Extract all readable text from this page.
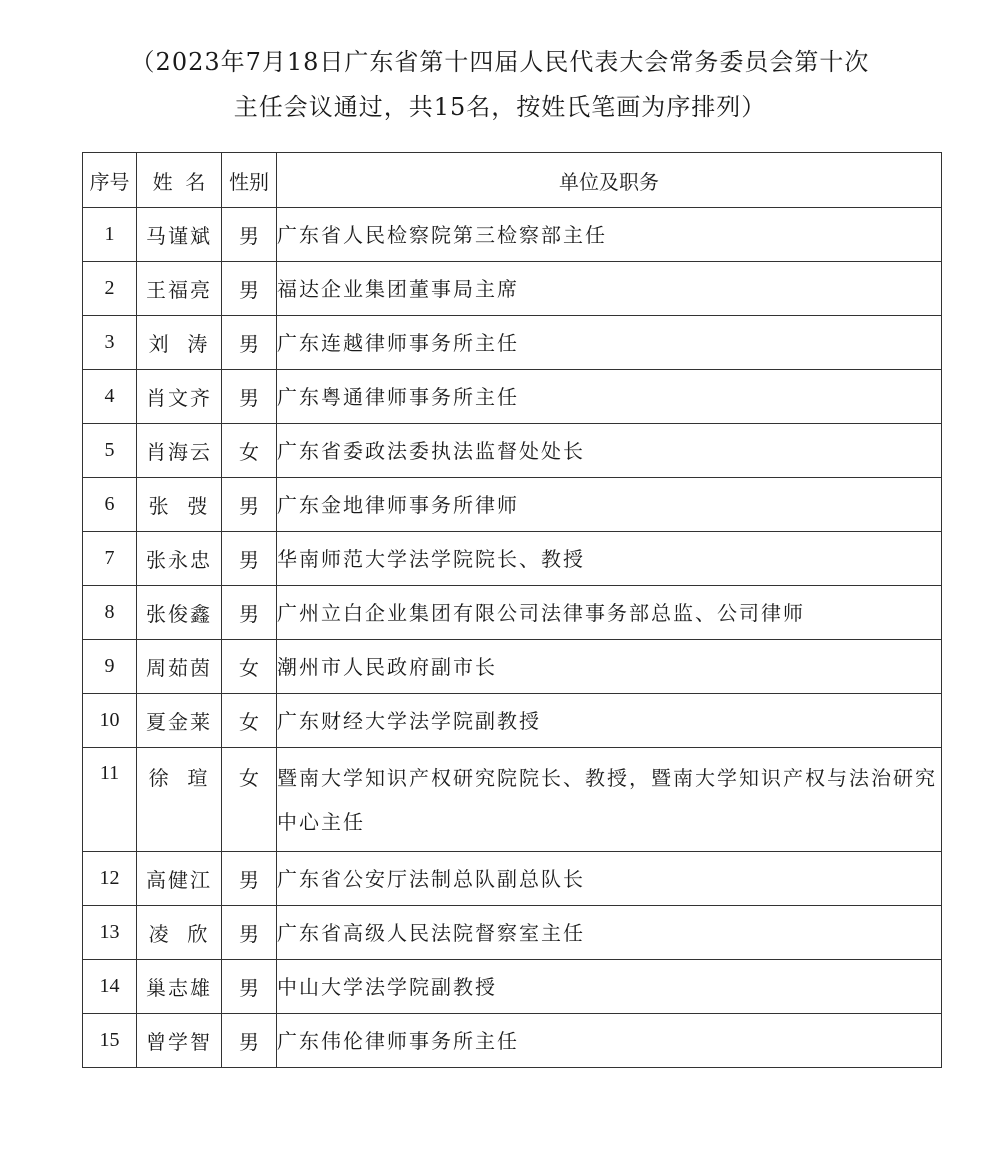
（2023年7月18日广东省第十四届人民代表大会常务委员会第十次
主任会议通过，共15名，按姓氏笔画为序排列）
序号	姓  名	性别	单位及职务
1	马谨斌	男	广东省人民检察院第三检察部主任
2	王福亮	男	福达企业集团董事局主席
3	刘  涛	男	广东连越律师事务所主任
4	肖文齐	男	广东粤通律师事务所主任
5	肖海云	女	广东省委政法委执法监督处处长
6	张  弢	男	广东金地律师事务所律师
7	张永忠	男	华南师范大学法学院院长、教授
8	张俊鑫	男	广州立白企业集团有限公司法律事务部总监、公司律师
9	周茹茵	女	潮州市人民政府副市长
10	夏金莱	女	广东财经大学法学院副教授
11	徐  瑄	女	暨南大学知识产权研究院院长、教授，暨南大学知识产权与法治研究中心主任
12	高健江	男	广东省公安厅法制总队副总队长
13	凌  欣	男	广东省高级人民法院督察室主任
14	巢志雄	男	中山大学法学院副教授
15	曾学智	男	广东伟伦律师事务所主任
